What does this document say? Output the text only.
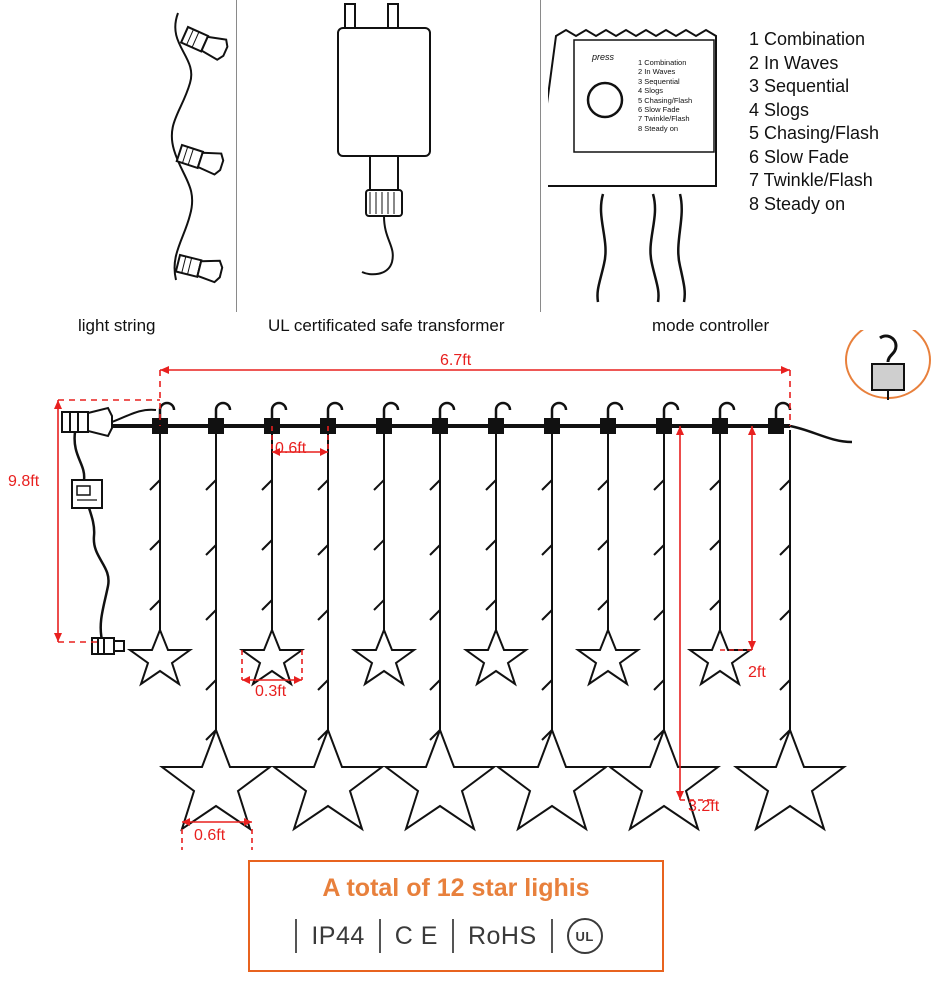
press
1 Combination
2 In Waves
3 Sequential
4 Slogs
5 Chasing/Flash
6 Slow Fade
7 Twinkle/Flash
8 Steady on
1 Combination
2 In Waves
3 Sequential
4 Slogs
5 Chasing/Flash
6 Slow Fade
7 Twinkle/Flash
8 Steady on
light string	UL certificated safe transformer	mode controller
6.7ft
0.6ft
9.8ft
0.3ft
0.6ft
2ft
3.2ft
A total of 12 star lighis
IP44	C E	RoHS	UL
